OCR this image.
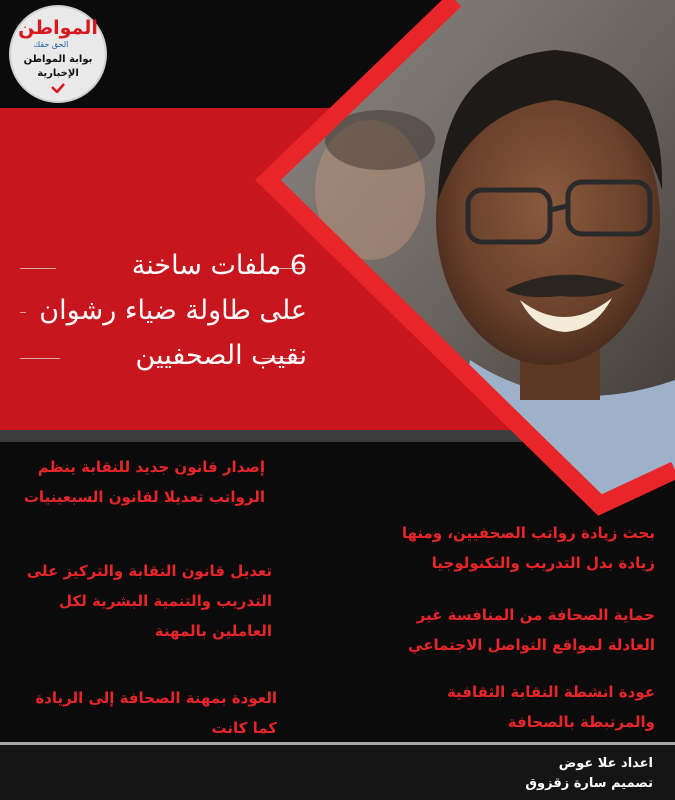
المواطن
الحق حقك
بوابة المواطن
الإخبارية
6 ملفات ساخنة
على طاولة ضياء رشوان
نقيب الصحفيين
إصدار قانون جديد للنقابة ينظم
الرواتب تعديلا لقانون السبعينيات
تعديل قانون النقابة والتركيز على
التدريب والتنمية البشرية لكل
العاملين بالمهنة
العودة بمهنة الصحافة إلى الريادة
كما كانت
بحث زيادة رواتب الصحفيين، ومنها
زيادة بدل التدريب والتكنولوجيا
حماية الصحافة من المنافسة غير
العادلة لمواقع التواصل الاجتماعي
عودة انشطة النقابة الثقافية
والمرتبطة بالصحافة
اعداد علا عوض
تصميم سارة زقزوق
